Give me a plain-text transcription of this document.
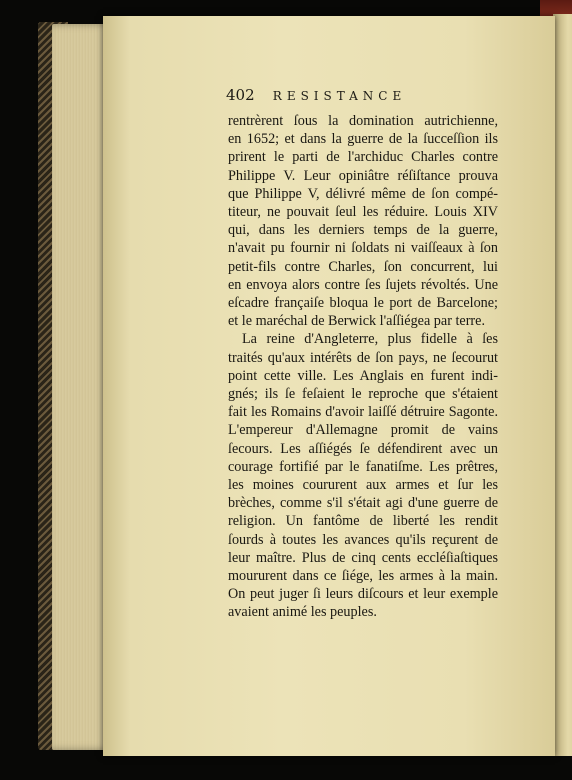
402 RESISTANCE
rentrèrent ſous la domination autrichienne,
en 1652; et dans la guerre de la ſucceſſion ils
prirent le parti de l'archiduc Charles contre
Philippe V. Leur opiniâtre réſiſtance prouva
que Philippe V, délivré même de ſon compé-
titeur, ne pouvait ſeul les réduire. Louis XIV
qui, dans les derniers temps de la guerre,
n'avait pu fournir ni ſoldats ni vaiſſeaux à ſon
petit-fils contre Charles, ſon concurrent, lui
en envoya alors contre ſes ſujets révoltés. Une
eſcadre françaiſe bloqua le port de Barcelone;
et le maréchal de Berwick l'aſſiégea par terre.
La reine d'Angleterre, plus fidelle à ſes
traités qu'aux intérêts de ſon pays, ne ſecourut
point cette ville. Les Anglais en furent indi-
gnés; ils ſe feſaient le reproche que s'étaient
fait les Romains d'avoir laiſſé détruire Sagonte.
L'empereur d'Allemagne promit de vains
ſecours. Les aſſiégés ſe défendirent avec un
courage fortifié par le fanatiſme. Les prêtres,
les moines coururent aux armes et ſur les
brèches, comme s'il s'était agi d'une guerre de
religion. Un fantôme de liberté les rendit
ſourds à toutes les avances qu'ils reçurent de
leur maître. Plus de cinq cents eccléſiaſtiques
moururent dans ce ſiége, les armes à la main.
On peut juger ſi leurs diſcours et leur exemple
avaient animé les peuples.
